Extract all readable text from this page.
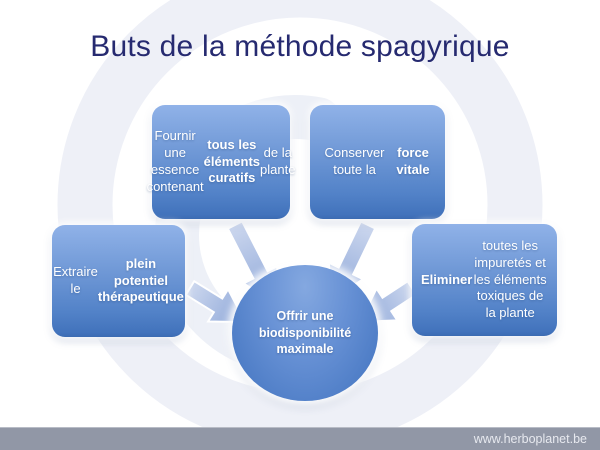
Buts de la méthode spagyrique
Fournir une essence contenant
tous les éléments curatifs
de la plante
Conserver toute la
force vitale
Extraire le
plein potentiel thérapeutique
Eliminer
toutes les impuretés et les éléments toxiques de la plante
Offrir une biodisponibilité maximale
www.herboplanet.be
